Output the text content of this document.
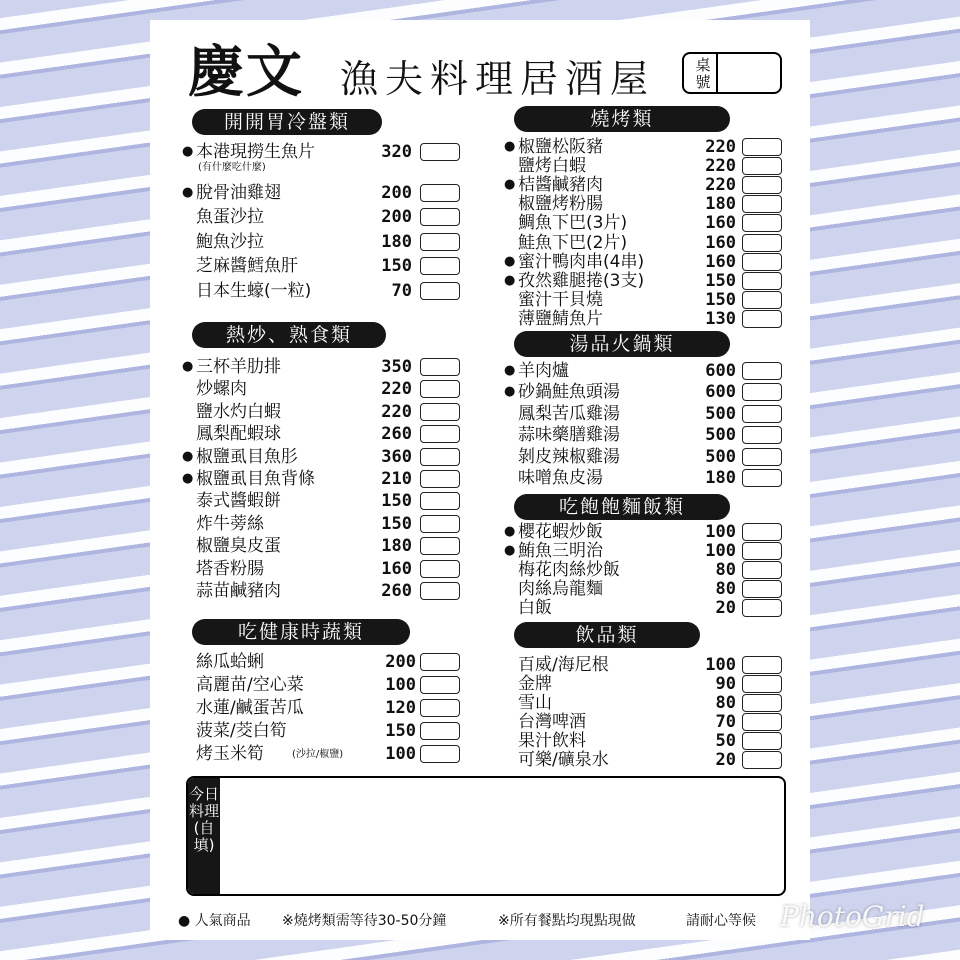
慶文 漁夫料理居酒屋	桌號
開開胃冷盤類
● 本港現撈生魚片	320
(有什麼吃什麼)
● 脫骨油雞翅	200
魚蛋沙拉	200
鮑魚沙拉	180
芝麻醬鱈魚肝	150
日本生蠔(一粒)	70
熱炒、熟食類
● 三杯羊肋排	350
炒螺肉	220
鹽水灼白蝦	220
鳳梨配蝦球	260
● 椒鹽虱目魚肜	360
● 椒鹽虱目魚背條	210
泰式醬蝦餅	150
炸牛蒡絲	150
椒鹽臭皮蛋	180
塔香粉腸	160
蒜苗鹹豬肉	260
吃健康時蔬類
絲瓜蛤蜊	200
高麗苗/空心菜	100
水蓮/鹹蛋苦瓜	120
菠菜/茭白筍	150
烤玉米筍	(沙拉/椒鹽)	100
燒烤類
● 椒鹽松阪豬	220
鹽烤白蝦	220
● 桔醬鹹豬肉	220
椒鹽烤粉腸	180
鯛魚下巴(3片)	160
鮭魚下巴(2片)	160
● 蜜汁鴨肉串(4串)	160
● 孜然雞腿捲(3支)	150
蜜汁干貝燒	150
薄鹽鯖魚片	130
湯品火鍋類
● 羊肉爐	600
● 砂鍋鮭魚頭湯	600
鳳梨苦瓜雞湯	500
蒜味藥膳雞湯	500
剝皮辣椒雞湯	500
味噌魚皮湯	180
吃飽飽麵飯類
● 櫻花蝦炒飯	100
● 鮪魚三明治	100
梅花肉絲炒飯	80
肉絲烏龍麵	80
白飯	20
飲品類
百威/海尼根	100
金牌	90
雪山	80
台灣啤酒	70
果汁飲料	50
可樂/礦泉水	20
今日料理(自填)
● 人氣商品 ※燒烤類需等待30-50分鐘	※所有餐點均現點現做	請耐心等候 PhotoGrid
